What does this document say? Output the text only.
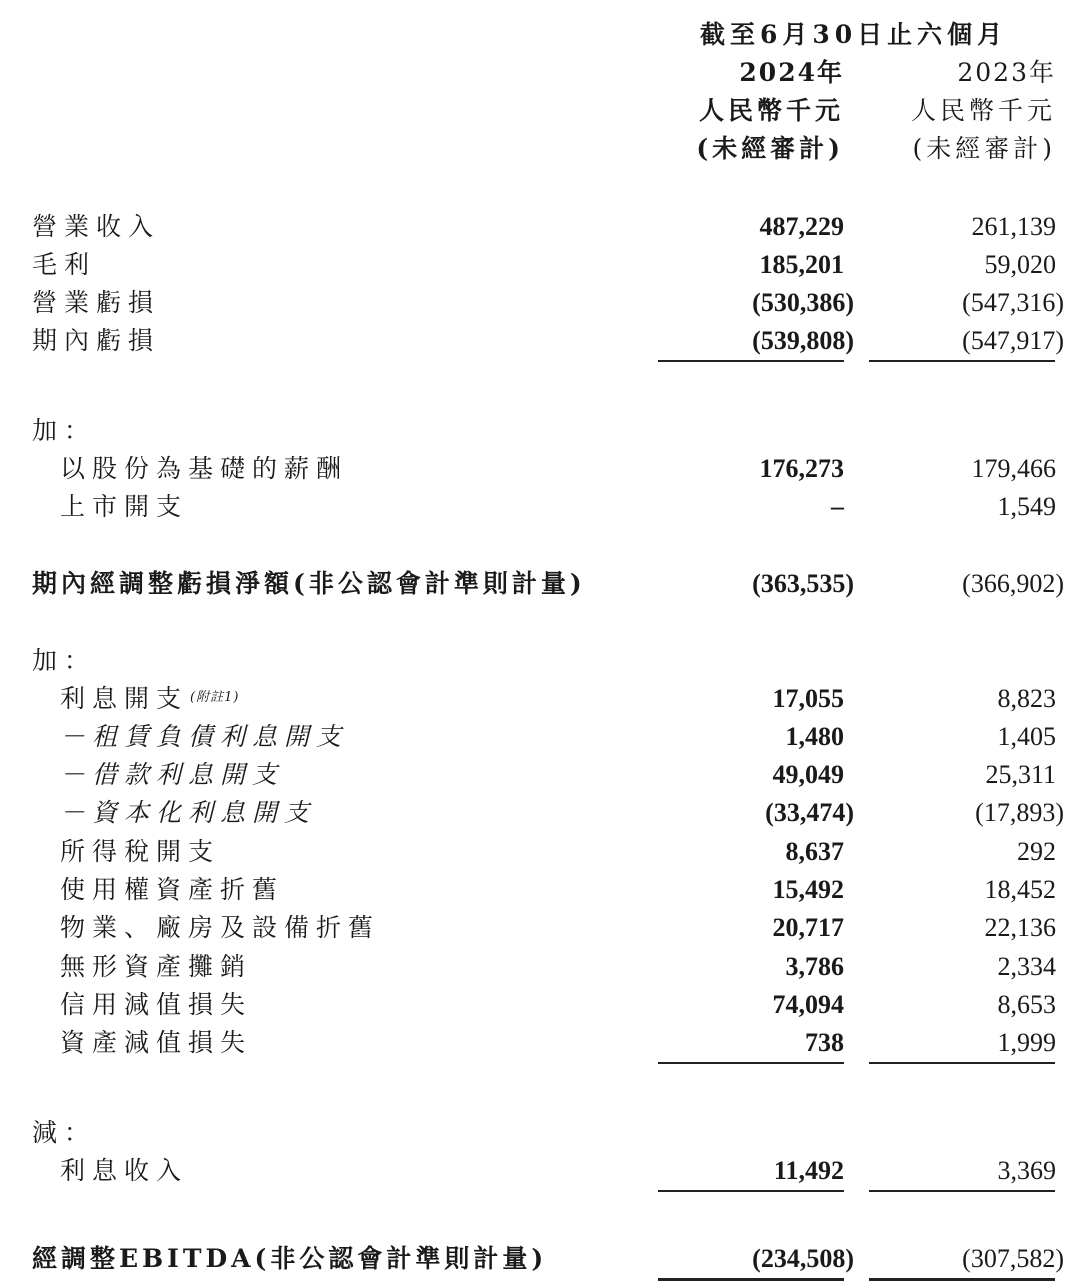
截至6月30日止六個月
2024年	2023年
人民幣千元	人民幣千元
(未經審計)	(未經審計)
營業收入	487,229	261,139
毛利	185,201	59,020
營業虧損	(530,386)	(547,316)
期內虧損	(539,808)	(547,917)
加：
以股份為基礎的薪酬	176,273	179,466
上市開支	–	1,549
期內經調整虧損淨額(非公認會計準則計量)	(363,535)	(366,902)
加：
利息開支 $^{(附註1)}$	17,055	8,823
－租賃負債利息開支	1,480	1,405
－借款利息開支	49,049	25,311
－資本化利息開支	(33,474)	(17,893)
所得稅開支	8,637	292
使用權資產折舊	15,492	18,452
物業、廠房及設備折舊	20,717	22,136
無形資產攤銷	3,786	2,334
信用減值損失	74,094	8,653
資產減值損失	738	1,999
減：
利息收入	11,492	3,369
經調整EBITDA(非公認會計準則計量)	(234,508)	(307,582)
